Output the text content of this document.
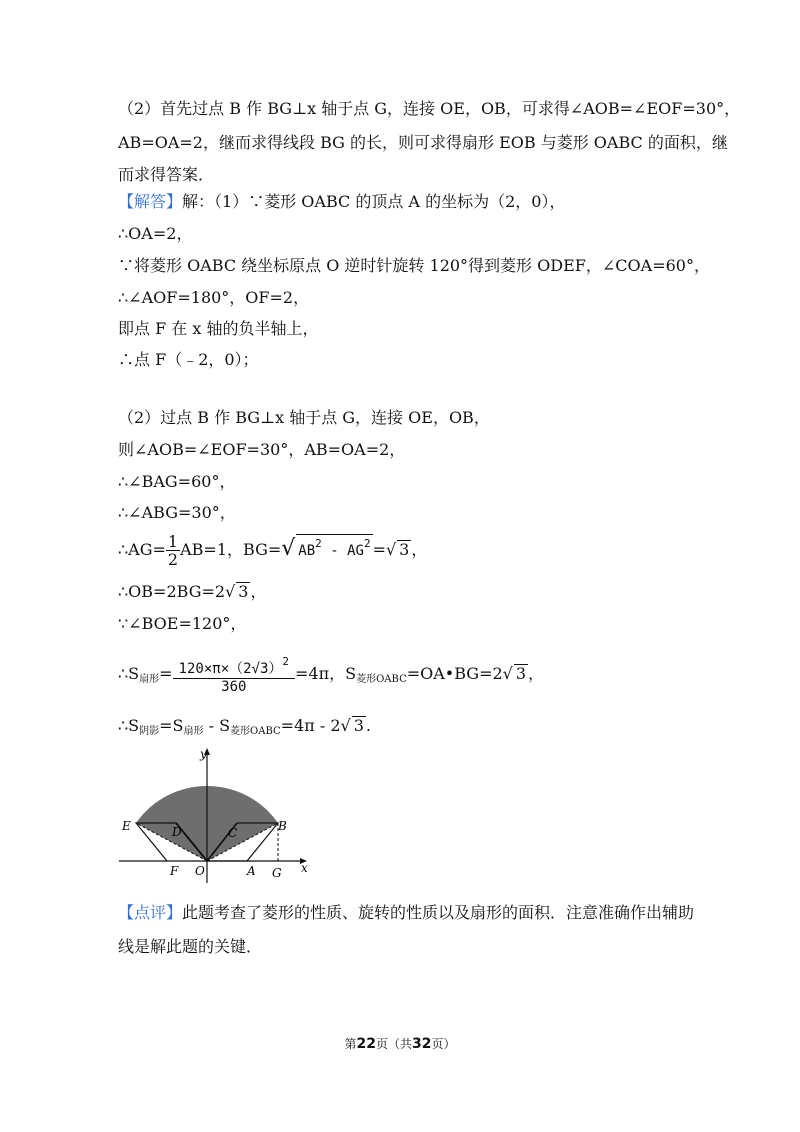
（2）首先过点 B 作 BG⊥x 轴于点 G，连接 OE，OB，可求得∠AOB=∠EOF=30°，
AB=OA=2，继而求得线段 BG 的长，则可求得扇形 EOB 与菱形 OABC 的面积，继
而求得答案．
【解答】解：（1）∵菱形 OABC 的顶点 A 的坐标为（2，0），
∴OA=2，
∵将菱形 OABC 绕坐标原点 O 逆时针旋转 120°得到菱形 ODEF，∠COA=60°，
∴∠AOF=180°，OF=2，
即点 F 在 x 轴的负半轴上，
∴点 F（﹣2，0）；
（2）过点 B 作 BG⊥x 轴于点 G，连接 OE，OB，
则∠AOB=∠EOF=30°，AB=OA=2，
∴∠BAG=60°，
∴∠ABG=30°，
∴AG= $\frac{1}{2} AB=1$，BG=√ $AB^2 - AG^2$ =√ 3 ，
∴OB=2BG=2√ 3 ，
∵∠BOE=120°，
$\therefore S_{扇形}= \frac{120\times\pi\times(2√3)^2}{360} =4\pi$，$S_{菱形OABC}=OA•BG=2√$ 3 ，
$\therefore S_{阴影}=S_{扇形} - S_{菱形OABC}=4\pi - 2√$ 3 .
y
x
E	D	C	B
F O	A G
【点评】此题考查了菱形的性质、旋转的性质以及扇形的面积．注意准确作出辅助
线是解此题的关键．
第22页（共32页）
